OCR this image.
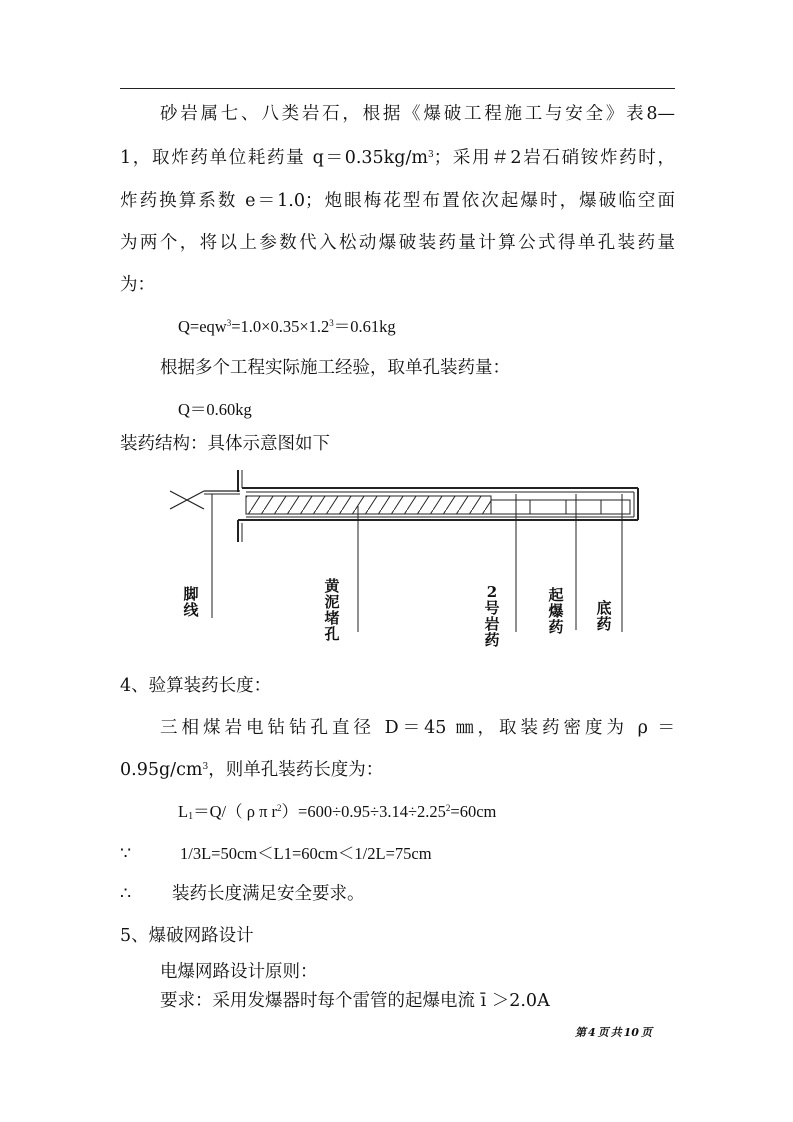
砂岩属七、八类岩石，根据《爆破工程施工与安全》表8—
1，取炸药单位耗药量 $q=0.35kg/m^3$；采用＃2岩石硝铵炸药时，
炸药换算系数 e＝1.0；炮眼梅花型布置依次起爆时，爆破临空面
为两个，将以上参数代入松动爆破装药量计算公式得单孔装药量
为：
$Q=eqw^3=1.0\times 0.35\times 1.2^3=0.61kg$
根据多个工程实际施工经验，取单孔装药量：
Q＝0.60kg
装药结构：具体示意图如下
脚
线
黄
泥
堵
孔
2
号
岩
药
起
爆
药
底
药
4、验算装药长度：
三相煤岩电钻钻孔直径 D＝45 ㎜，取装药密度为 ρ ＝
$0.95g/cm^3$，则单孔装药长度为：
$L_1=Q/$（ ρ π $r^2)=600\div 0.95\div 3.14\div 2.25^2=60cm$
∵	1/3L=50cm＜L1=60cm＜1/2L=75cm
∴ 装药长度满足安全要求。
5、爆破网路设计
电爆网路设计原则：
要求：采用发爆器时每个雷管的起爆电流 ī ＞2.0A
第 4 页 共 10 页
